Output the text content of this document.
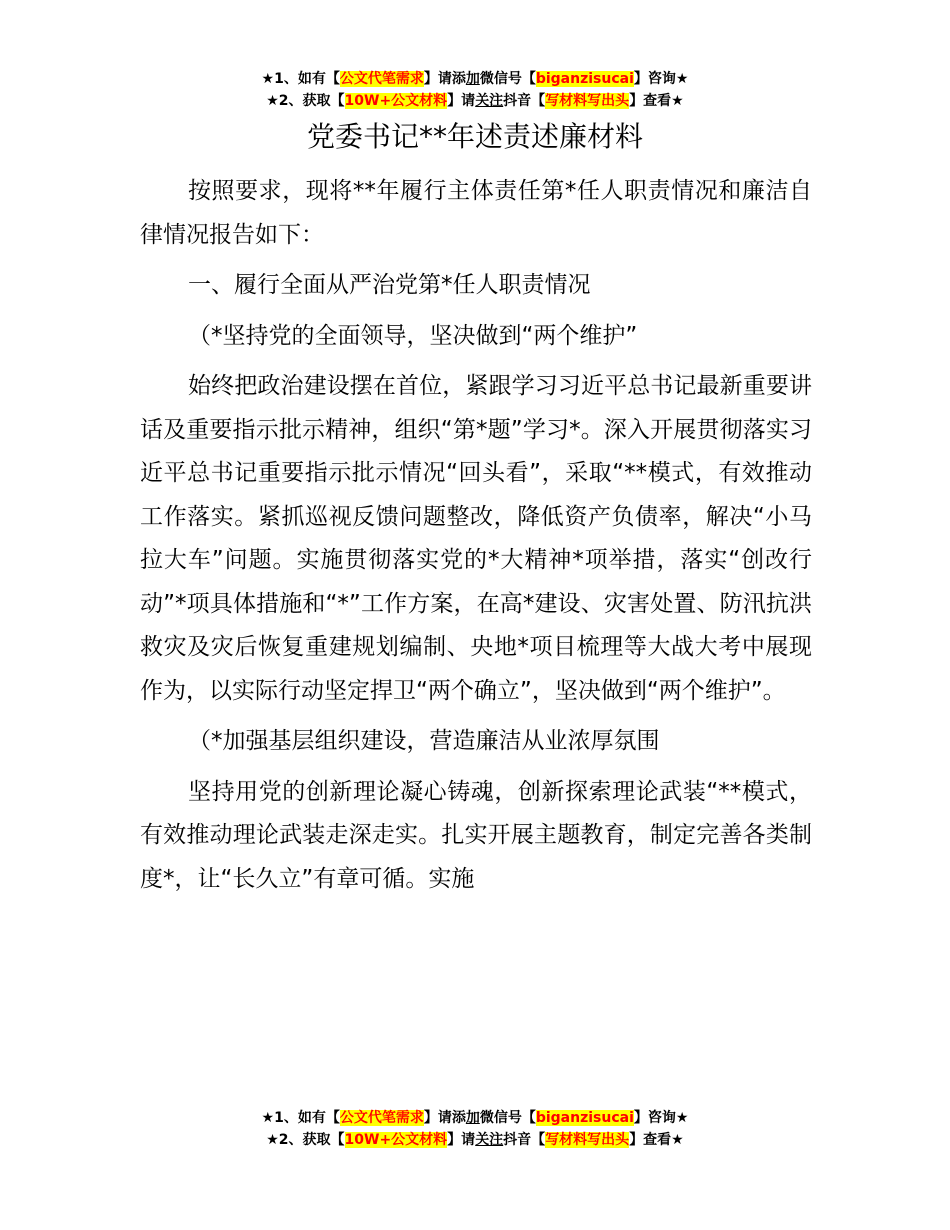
★1、如有【公文代笔需求】请添加微信号【biganzisucai】咨询★
★2、获取【10W+公文材料】请关注抖音【写材料写出头】查看★
党委书记**年述责述廉材料

按照要求，现将**年履行主体责任第*任人职责情况和廉洁自律情况报告如下：

一、履行全面从严治党第*任人职责情况

（*坚持党的全面领导，坚决做到“两个维护”

始终把政治建设摆在首位，紧跟学习习近平总书记最新重要讲话及重要指示批示精神，组织“第*题”学习*。深入开展贯彻落实习近平总书记重要指示批示情况“回头看”，采取“**模式，有效推动工作落实。紧抓巡视反馈问题整改，降低资产负债率，解决“小马拉大车”问题。实施贯彻落实党的*大精神*项举措，落实“创改行动”*项具体措施和“*”工作方案，在高*建设、灾害处置、防汛抗洪救灾及灾后恢复重建规划编制、央地*项目梳理等大战大考中展现作为，以实际行动坚定捍卫“两个确立”，坚决做到“两个维护”。

（*加强基层组织建设，营造廉洁从业浓厚氛围

坚持用党的创新理论凝心铸魂，创新探索理论武装“**模式，有效推动理论武装走深走实。扎实开展主题教育，制定完善各类制度*，让“长久立”有章可循。实施

★1、如有【公文代笔需求】请添加微信号【biganzisucai】咨询★
★2、获取【10W+公文材料】请关注抖音【写材料写出头】查看★
